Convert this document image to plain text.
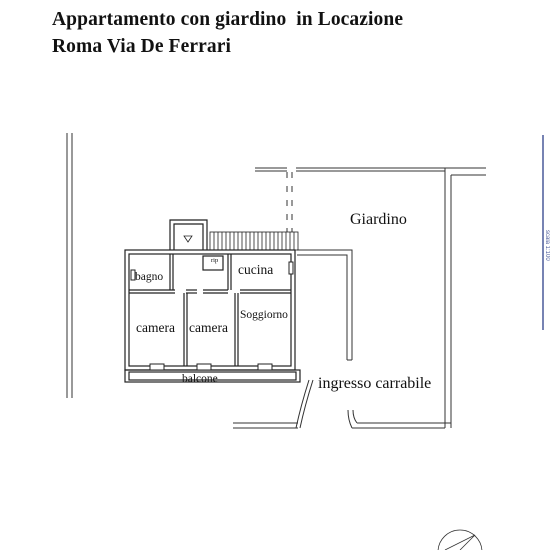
Appartamento con giardino  in Locazione
Roma Via De Ferrari
scala 1:100
Giardino
cucina
bagno
rip
camera camera
Soggiorno
balcone	ingresso carrabile
